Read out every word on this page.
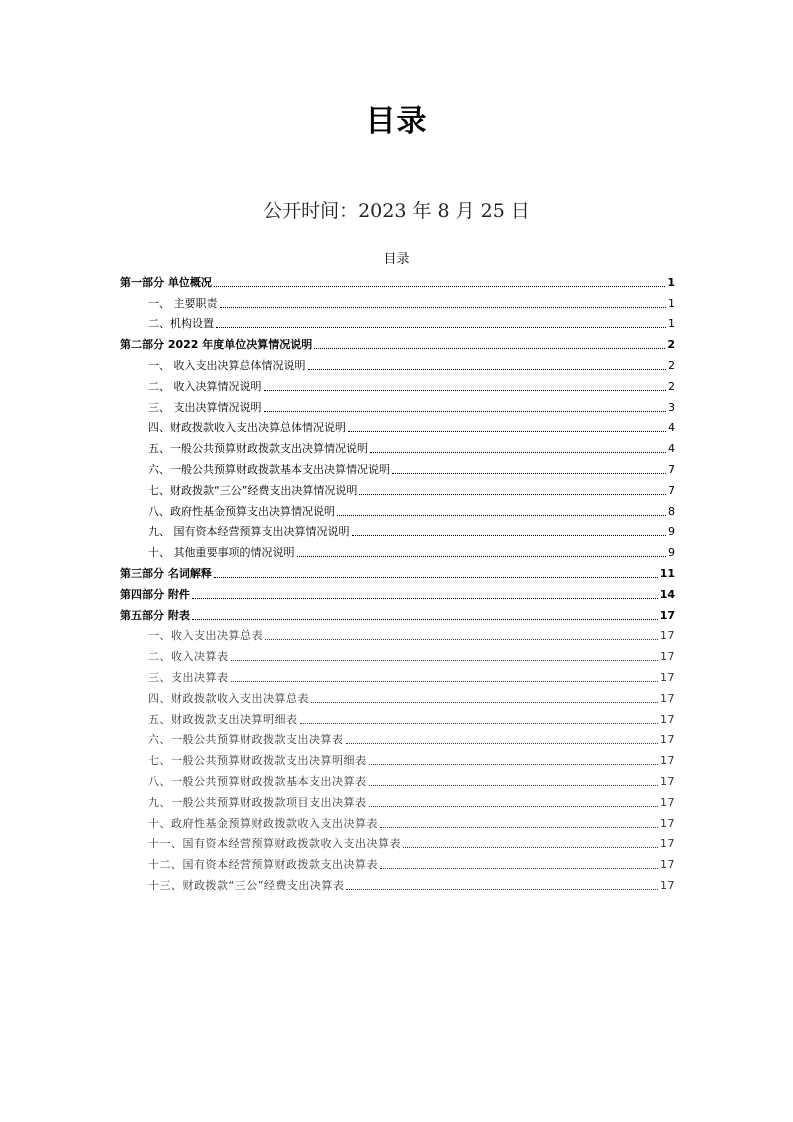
目录
公开时间：2023 年 8 月 25 日
目录
第一部分 单位概况	1
一、 主要职责	1
二、机构设置	1
第二部分 2022 年度单位决算情况说明	2
一、 收入支出决算总体情况说明	2
二、 收入决算情况说明	2
三、 支出决算情况说明	3
四、财政拨款收入支出决算总体情况说明	4
五、一般公共预算财政拨款支出决算情况说明	4
六、一般公共预算财政拨款基本支出决算情况说明	7
七、财政拨款“三公”经费支出决算情况说明	7
八、政府性基金预算支出决算情况说明	8
九、 国有资本经营预算支出决算情况说明	9
十、 其他重要事项的情况说明	9
第三部分 名词解释	11
第四部分 附件	14
第五部分 附表	17
一、收入支出决算总表	17
二、收入决算表	17
三、支出决算表	17
四、财政拨款收入支出决算总表	17
五、财政拨款支出决算明细表	17
六、一般公共预算财政拨款支出决算表	17
七、一般公共预算财政拨款支出决算明细表	17
八、一般公共预算财政拨款基本支出决算表	17
九、一般公共预算财政拨款项目支出决算表	17
十、政府性基金预算财政拨款收入支出决算表	17
十一、国有资本经营预算财政拨款收入支出决算表	17
十二、国有资本经营预算财政拨款支出决算表	17
十三、财政拨款“三公”经费支出决算表	17
